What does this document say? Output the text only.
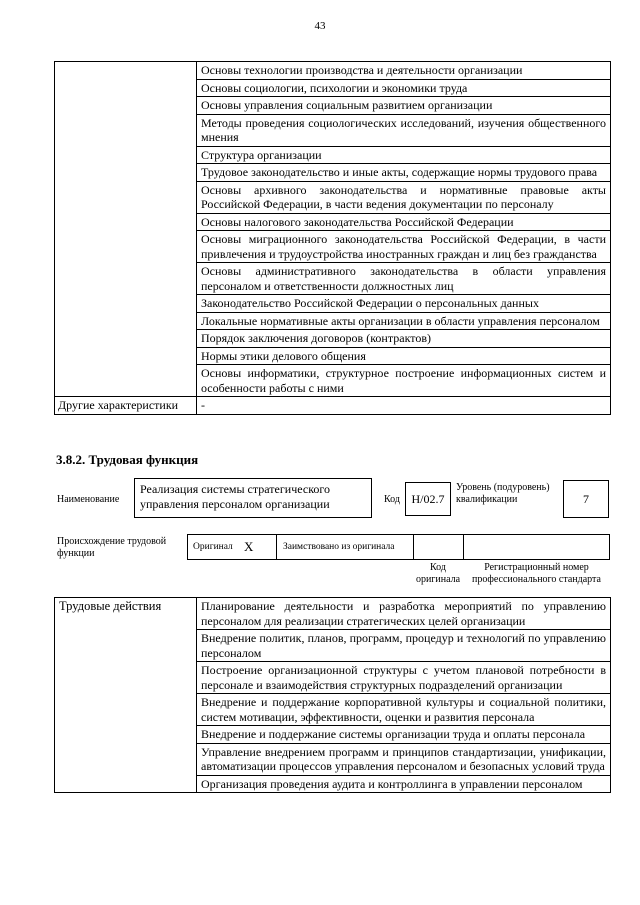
43
	Основы технологии производства и деятельности организации
	Основы социологии, психологии и экономики труда
	Основы управления социальным развитием организации
	Методы проведения социологических исследований, изучения общественного мнения
	Структура организации
	Трудовое законодательство и иные акты, содержащие нормы трудового права
	Основы архивного законодательства и нормативные правовые акты Российской Федерации, в части ведения документации по персоналу
	Основы налогового законодательства Российской Федерации
	Основы миграционного законодательства Российской Федерации, в части привлечения и трудоустройства иностранных граждан и лиц без гражданства
	Основы административного законодательства в области управления персоналом и ответственности должностных лиц
	Законодательство Российской Федерации о персональных данных
	Локальные нормативные акты организации в области управления персоналом
	Порядок заключения договоров (контрактов)
	Нормы этики делового общения
	Основы информатики, структурное построение информационных систем и особенности работы с ними
Другие характеристики	-
3.8.2. Трудовая функция
Наименование
Реализация системы стратегического управления персоналом организации	Код Н/02.7
Уровень (подуровень) квалификации	7
Происхождение трудовой функции
Оригинал X	Заимствовано из оригинала
Код оригинала
Регистрационный номер профессионального стандарта
Трудовые действия	Планирование деятельности и разработка мероприятий по управлению персоналом для реализации стратегических целей организации
Внедрение политик, планов, программ, процедур и технологий по управлению персоналом
Построение организационной структуры с учетом плановой потребности в персонале и взаимодействия структурных подразделений организации
Внедрение и поддержание корпоративной культуры и социальной политики, систем мотивации, эффективности, оценки и развития персонала
Внедрение и поддержание системы организации труда и оплаты персонала
Управление внедрением программ и принципов стандартизации, унификации, автоматизации процессов управления персоналом и безопасных условий труда
Организация проведения аудита и контроллинга в управлении персоналом
